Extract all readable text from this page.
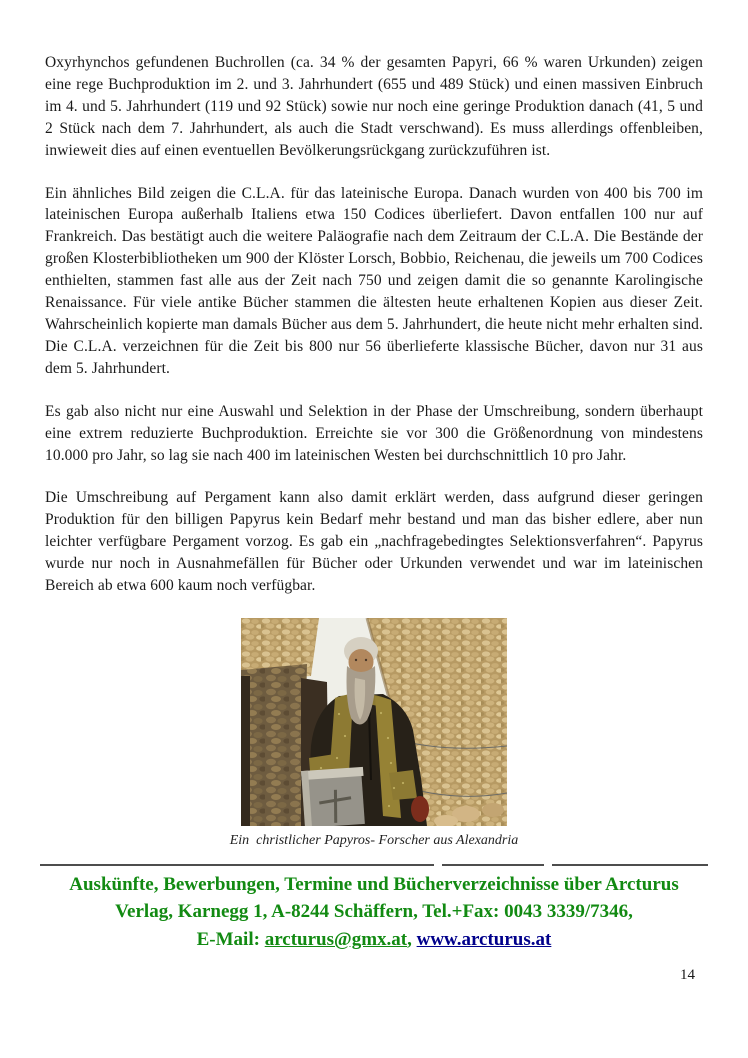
Oxyrhynchos gefundenen Buchrollen (ca. 34 % der gesamten Papyri, 66 % waren Urkunden) zeigen eine rege Buchproduktion im 2. und 3. Jahrhundert (655 und 489 Stück) und einen massiven Einbruch im 4. und 5. Jahrhundert (119 und 92 Stück) sowie nur noch eine geringe Produktion danach (41, 5 und 2 Stück nach dem 7. Jahrhundert, als auch die Stadt verschwand). Es muss allerdings offenbleiben, inwieweit dies auf einen eventuellen Bevölkerungsrückgang zurückzuführen ist.

Ein ähnliches Bild zeigen die C.L.A. für das lateinische Europa. Danach wurden von 400 bis 700 im lateinischen Europa außerhalb Italiens etwa 150 Codices überliefert. Davon entfallen 100 nur auf Frankreich. Das bestätigt auch die weitere Paläografie nach dem Zeitraum der C.L.A. Die Bestände der großen Klosterbibliotheken um 900 der Klöster Lorsch, Bobbio, Reichenau, die jeweils um 700 Codices enthielten, stammen fast alle aus der Zeit nach 750 und zeigen damit die so genannte Karolingische Renaissance. Für viele antike Bücher stammen die ältesten heute erhaltenen Kopien aus dieser Zeit. Wahrscheinlich kopierte man damals Bücher aus dem 5. Jahrhundert, die heute nicht mehr erhalten sind. Die C.L.A. verzeichnen für die Zeit bis 800 nur 56 überlieferte klassische Bücher, davon nur 31 aus dem 5. Jahrhundert.

Es gab also nicht nur eine Auswahl und Selektion in der Phase der Umschreibung, sondern überhaupt eine extrem reduzierte Buchproduktion. Erreichte sie vor 300 die Größenordnung von mindestens 10.000 pro Jahr, so lag sie nach 400 im lateinischen Westen bei durchschnittlich 10 pro Jahr.

Die Umschreibung auf Pergament kann also damit erklärt werden, dass aufgrund dieser geringen Produktion für den billigen Papyrus kein Bedarf mehr bestand und man das bisher edlere, aber nun leichter verfügbare Pergament vorzog. Es gab ein „nachfragebedingtes Selektionsverfahren“. Papyrus wurde nur noch in Ausnahmefällen für Bücher oder Urkunden verwendet und war im lateinischen Bereich ab etwa 600 kaum noch verfügbar.

Ein  christlicher Papyros- Forscher aus Alexandria
Auskünfte, Bewerbungen, Termine und Bücherverzeichnisse über Arcturus
Verlag, Karnegg 1, A-8244 Schäffern, Tel.+Fax: 0043 3339/7346,
E-Mail: arcturus@gmx.at, www.arcturus.at
14
